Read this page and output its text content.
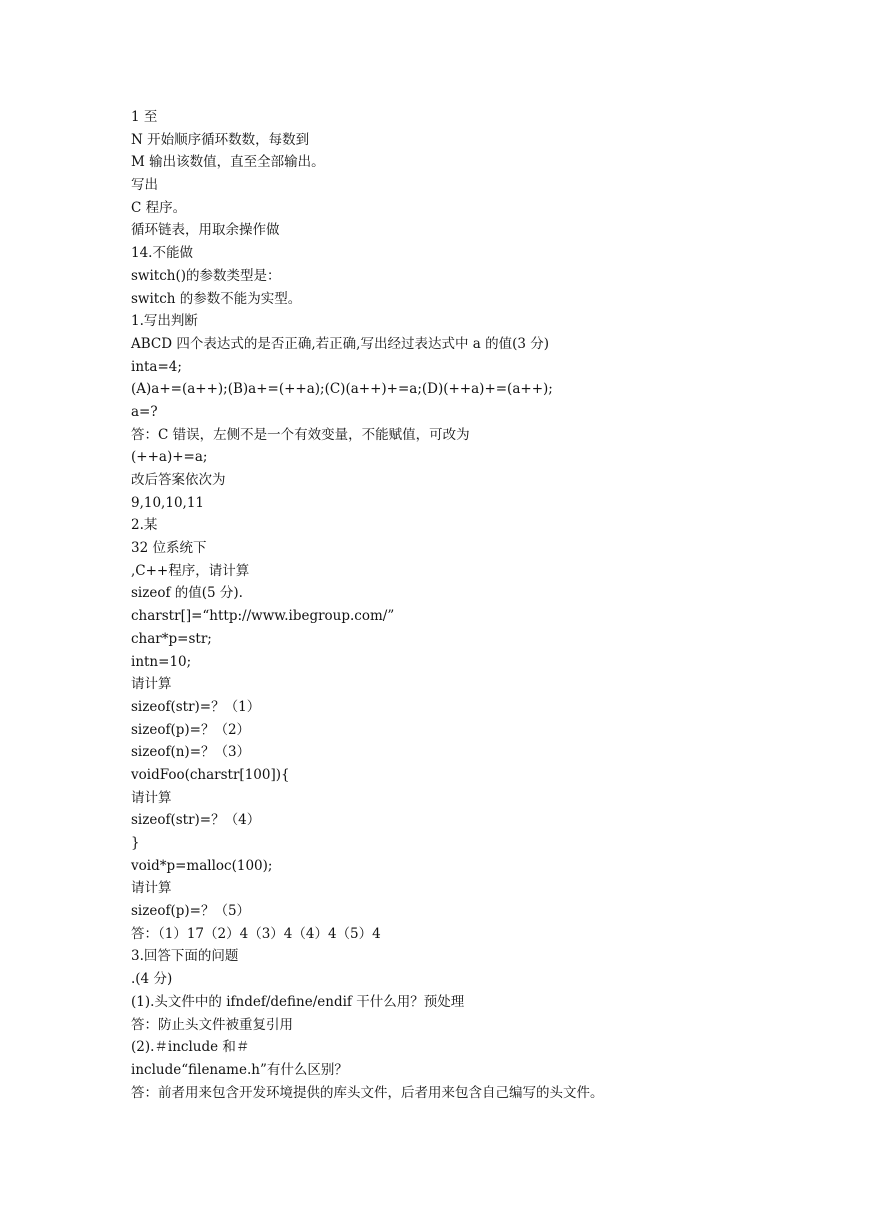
1 至
N 开始顺序循环数数，每数到
M 输出该数值，直至全部输出。
写出
C 程序。
循环链表，用取余操作做
14.不能做
switch()的参数类型是：
switch 的参数不能为实型。
1.写出判断
ABCD 四个表达式的是否正确,若正确,写出经过表达式中 a 的值(3 分)
inta=4;
(A)a+=(a++);(B)a+=(++a);(C)(a++)+=a;(D)(++a)+=(a++);
a=?
答：C 错误，左侧不是一个有效变量，不能赋值，可改为
(++a)+=a;
改后答案依次为
9,10,10,11
2.某
32 位系统下
,C++程序，请计算
sizeof 的值(5 分).
charstr[]=“http://www.ibegroup.com/”
char*p=str;
intn=10;
请计算
sizeof(str)=？（1）
sizeof(p)=？（2）
sizeof(n)=？（3）
voidFoo(charstr[100]){
请计算
sizeof(str)=？（4）
}
void*p=malloc(100);
请计算
sizeof(p)=？（5）
答：（1）17（2）4（3）4（4）4（5）4
3.回答下面的问题
.(4 分)
(1).头文件中的 ifndef/define/endif 干什么用？预处理
答：防止头文件被重复引用
(2).＃include 和＃
include“filename.h”有什么区别？
答：前者用来包含开发环境提供的库头文件，后者用来包含自己编写的头文件。
